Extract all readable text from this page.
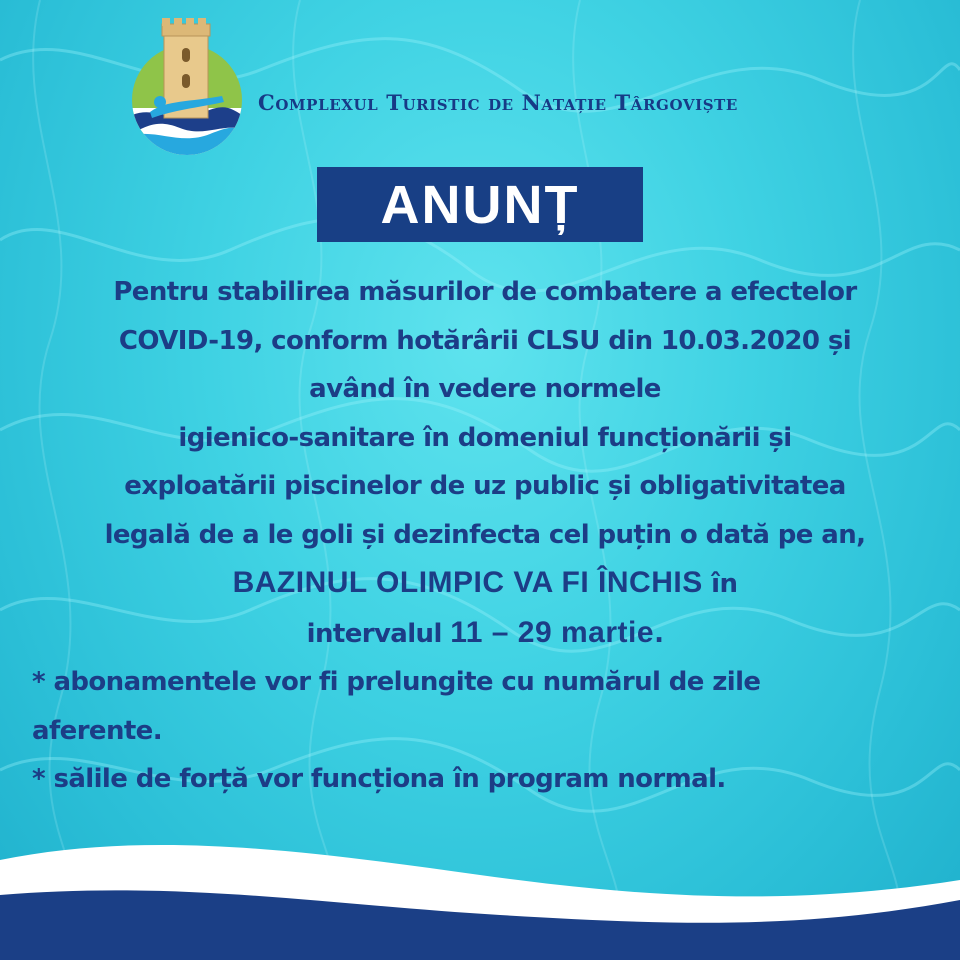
Complexul Turistic de Natație Târgoviște
ANUNȚ
Pentru stabilirea măsurilor de combatere a efectelor
COVID-19, conform hotărârii CLSU din 10.03.2020 și
având în vedere normele
igienico-sanitare în domeniul funcționării și
exploatării piscinelor de uz public și obligativitatea
legală de a le goli și dezinfecta cel puțin o dată pe an,
BAZINUL OLIMPIC VA FI ÎNCHIS în
intervalul 11 – 29 martie.
* abonamentele vor fi prelungite cu numărul de zile
aferente.
* sălile de forță vor funcționa în program normal.
